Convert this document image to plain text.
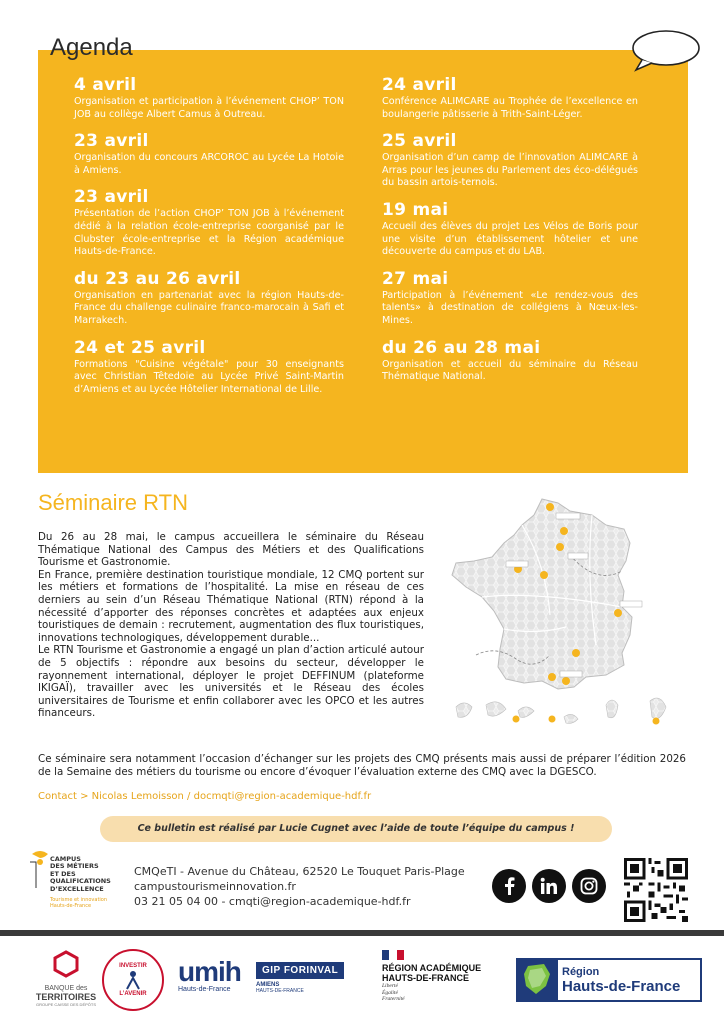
Agenda
4 avril
Organisation et participation à l’événement CHOP’ TON JOB au collège Albert Camus à Outreau.
23 avril
Organisation du concours ARCOROC au Lycée La Hotoie à Amiens.
23 avril
Présentation de l’action CHOP’ TON JOB à l’événement dédié à la relation école-entreprise coorganisé par le Clubster école-entreprise et la Région académique Hauts-de-France.
du 23 au 26 avril
Organisation en partenariat avec la région Hauts-de-France du challenge culinaire franco-marocain à Safi et Marrakech.
24 et 25 avril
Formations "Cuisine végétale" pour 30 enseignants avec Christian Têtedoie au Lycée Privé Saint-Martin d’Amiens et au Lycée Hôtelier International de Lille.
24 avril
Conférence ALIMCARE au Trophée de l’excellence en boulangerie pâtisserie à Trith-Saint-Léger.
25 avril
Organisation d’un camp de l’innovation ALIMCARE à Arras pour les jeunes du Parlement des éco-délégués du bassin artois-ternois.
19 mai
Accueil des élèves du projet Les Vélos de Boris pour une visite d’un établissement hôtelier et une découverte du campus et du LAB.
27 mai
Participation à l’événement «Le rendez-vous des talents» à destination de collégiens à Nœux-les-Mines.
du 26 au 28 mai
Organisation et accueil du séminaire du Réseau Thématique National.
Séminaire RTN

Du 26 au 28 mai, le campus accueillera le séminaire du Réseau Thématique National des Campus des Métiers et des Qualifications Tourisme et Gastronomie.

En France, première destination touristique mondiale, 12 CMQ portent sur les métiers et formations de l’hospitalité. La mise en réseau de ces derniers au sein d’un Réseau Thématique National (RTN) répond à la nécessité d’apporter des réponses concrètes et adaptées aux enjeux touristiques de demain : recrutement, augmentation des flux touristiques, innovations technologiques, développement durable...

Le RTN Tourisme et Gastronomie a engagé un plan d’action articulé autour de 5 objectifs : répondre aux besoins du secteur, développer le rayonnement international, déployer le projet DEFFINUM (plateforme IKIGAÏ), travailler avec les universités et le Réseau des écoles universitaires de Tourisme et enfin collaborer avec les OPCO et les autres financeurs.

Ce séminaire sera notamment l’occasion d’échanger sur les projets des CMQ présents mais aussi de préparer l’édition 2026 de la Semaine des métiers du tourisme ou encore d’évoquer l’évaluation externe des CMQ avec la DGESCO.
Contact > Nicolas Lemoisson / docmqti@region-academique-hdf.fr
Ce bulletin est réalisé par Lucie Cugnet avec l’aide de toute l’équipe du campus !
CAMPUS
DES MÉTIERS
ET DES
QUALIFICATIONS
D’EXCELLENCE
Tourisme et innovation
Hauts-de-France
CMQeTI - Avenue du Château, 62520 Le Touquet Paris-Plage
campustourismeinnovation.fr
03 21 05 04 00 - cmqti@region-academique-hdf.fr
BANQUE des
TERRITOIRES
GROUPE CAISSE DES DÉPÔTS
INVESTIR
L’AVENIR
umih
Hauts-de-France
GIP FORINVAL
AMIENS
HAUTS-DE-FRANCE
RÉGION ACADÉMIQUE
HAUTS-DE-FRANCE
Liberté
Égalité
Fraternité
Région
Hauts-de-France
